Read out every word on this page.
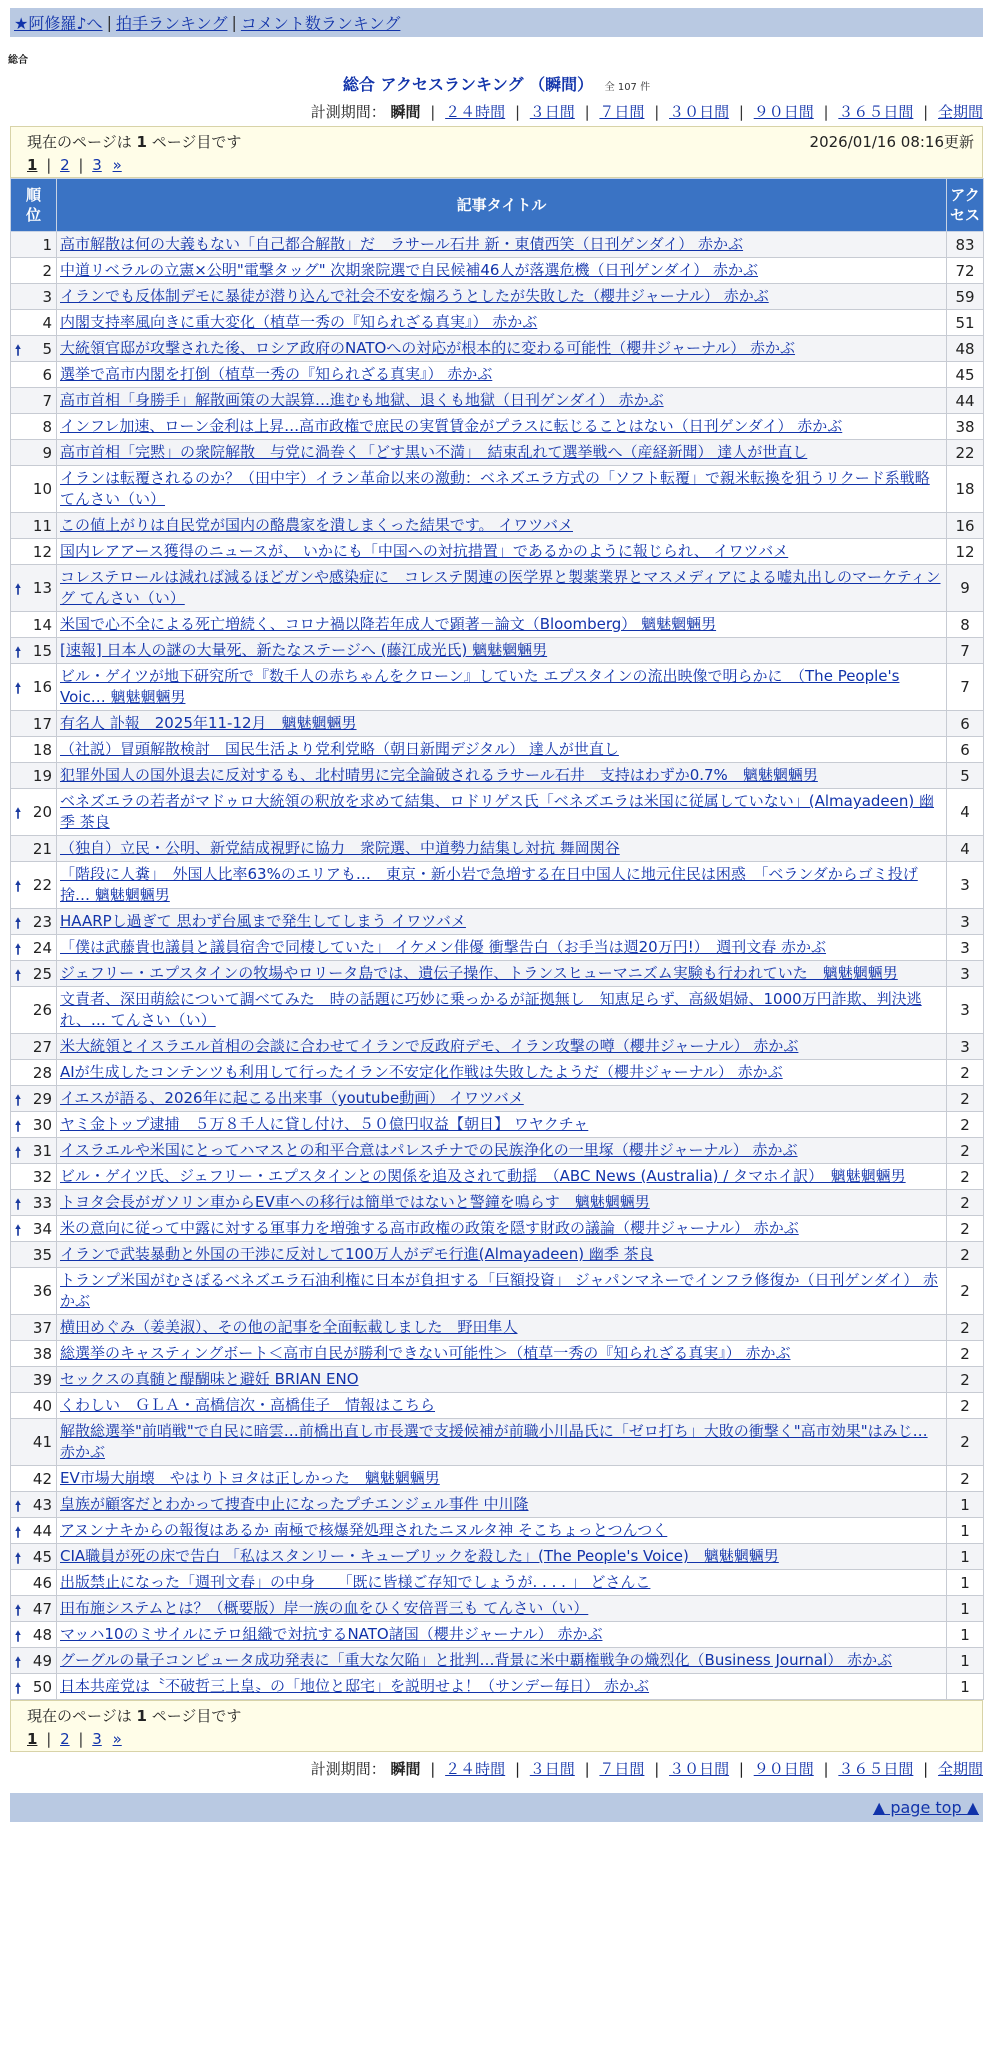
★阿修羅♪へ | 拍手ランキング | コメント数ランキング
総合
総合 アクセスランキング （瞬間） 全 107 件
計測期間： 瞬間 | ２４時間 | ３日間 | ７日間 | ３０日間 | ９０日間 | ３６５日間 | 全期間
現在のページは 1 ページ目です	2026/01/16 08:16更新
1 | 2 | 3 »
順位	記事タイトル	アクセス
1	高市解散は何の大義もない「自己都合解散」だ　ラサール石井 新・東債西笑（日刊ゲンダイ） 赤かぶ	83
2	中道リベラルの立憲×公明"電撃タッグ" 次期衆院選で自民候補46人が落選危機（日刊ゲンダイ） 赤かぶ	72
3	イランでも反体制デモに暴徒が潜り込んで社会不安を煽ろうとしたが失敗した（櫻井ジャーナル） 赤かぶ	59
4	内閣支持率風向きに重大変化（植草一秀の『知られざる真実』） 赤かぶ	51

🠕 5	大統領官邸が攻撃された後、ロシア政府のNATOへの対応が根本的に変わる可能性（櫻井ジャーナル） 赤かぶ	48
6	選挙で高市内閣を打倒（植草一秀の『知られざる真実』） 赤かぶ	45
7	高市首相「身勝手」解散画策の大誤算…進むも地獄、退くも地獄（日刊ゲンダイ） 赤かぶ	44
8	インフレ加速、ローン金利は上昇…高市政権で庶民の実質賃金がプラスに転じることはない（日刊ゲンダイ） 赤かぶ	38
9	高市首相「完黙」の衆院解散　与党に渦巻く「どす黒い不満」　結束乱れて選挙戦へ（産経新聞） 達人が世直し	22
10	イランは転覆されるのか？（田中宇）イラン革命以来の激動：ベネズエラ方式の「ソフト転覆」で親米転換を狙うリクード系戦略 てんさい（い）	18
11	この値上がりは自民党が国内の酪農家を潰しまくった結果です。 イワツバメ	16
12	国内レアアース獲得のニュースが、 いかにも「中国への対抗措置」であるかのように報じられ、 イワツバメ	12

🠕 13	コレステロールは減れば減るほどガンや感染症に　コレステ関連の医学界と製薬業界とマスメディアによる嘘丸出しのマーケティング てんさい（い）	9
14	米国で心不全による死亡増続く、コロナ禍以降若年成人で顕著－論文（Bloomberg） 魑魅魍魎男	8

🠕 15	[速報] 日本人の謎の大量死、新たなステージへ (藤江成光氏) 魑魅魍魎男	7

🠕 16	ビル・ゲイツが地下研究所で『数千人の赤ちゃんをクローン』していた エプスタインの流出映像で明らかに　（The People's Voic… 魑魅魍魎男	7
17	有名人 訃報　2025年11-12月　魑魅魍魎男	6
18	（社説）冒頭解散検討　国民生活より党利党略（朝日新聞デジタル） 達人が世直し	6
19	犯罪外国人の国外退去に反対するも、北村晴男に完全論破されるラサール石井　支持はわずか0.7%　魑魅魍魎男	5

🠕 20	ベネズエラの若者がマドゥロ大統領の釈放を求めて結集、ロドリゲス氏「ベネズエラは米国に従属していない」(Almayadeen) 幽季 茶良	4
21	（独自）立民・公明、新党結成視野に協力　衆院選、中道勢力結集し対抗 舞岡関谷	4

🠕 22	「階段に人糞」　外国人比率63%のエリアも…　東京・新小岩で急増する在日中国人に地元住民は困惑　「ベランダからゴミ投げ捨… 魑魅魍魎男	3

🠕 23	HAARPし過ぎて 思わず台風まで発生してしまう イワツバメ	3

🠕 24	「僕は武藤貴也議員と議員宿舎で同棲していた」 イケメン俳優 衝撃告白（お手当は週20万円!）　週刊文春 赤かぶ	3

🠕 25	ジェフリー・エプスタインの牧場やロリータ島では、遺伝子操作、トランスヒューマニズム実験も行われていた　魑魅魍魎男	3
26	文責者、深田萌絵について調べてみた　時の話題に巧妙に乗っかるが証拠無し　知恵足らず、高級娼婦、1000万円詐欺、判決逃れ、… てんさい（い）	3
27	米大統領とイスラエル首相の会談に合わせてイランで反政府デモ、イラン攻撃の噂（櫻井ジャーナル） 赤かぶ	3
28	AIが生成したコンテンツも利用して行ったイラン不安定化作戦は失敗したようだ（櫻井ジャーナル） 赤かぶ	2

🠕 29	イエスが語る、2026年に起こる出来事（youtube動画） イワツバメ	2

🠕 30	ヤミ金トップ逮捕　５万８千人に貸し付け、５０億円収益【朝日】 ワヤクチャ	2

🠕 31	イスラエルや米国にとってハマスとの和平合意はパレスチナでの民族浄化の一里塚（櫻井ジャーナル） 赤かぶ	2
32	ビル・ゲイツ氏、ジェフリー・エプスタインとの関係を追及されて動揺　（ABC News (Australia) / タマホイ訳）　魑魅魍魎男	2

🠕 33	トヨタ会長がガソリン車からEV車への移行は簡単ではないと警鐘を鳴らす　魑魅魍魎男	2

🠕 34	米の意向に従って中露に対する軍事力を増強する高市政権の政策を隠す財政の議論（櫻井ジャーナル） 赤かぶ	2
35	イランで武装暴動と外国の干渉に反対して100万人がデモ行進(Almayadeen) 幽季 茶良	2
36	トランプ米国がむさぼるベネズエラ石油利権に日本が負担する「巨額投資」 ジャパンマネーでインフラ修復か（日刊ゲンダイ） 赤かぶ	2
37	横田めぐみ（姜美淑）、その他の記事を全面転載しました　野田隼人	2
38	総選挙のキャスティングボート＜高市自民が勝利できない可能性＞（植草一秀の『知られざる真実』） 赤かぶ	2
39	セックスの真髄と醍醐味と避妊 BRIAN ENO	2
40	くわしい　ＧＬＡ・高橋信次・高橋佳子　情報はこちら	2
41	解散総選挙"前哨戦"で自民に暗雲…前橋出直し市長選で支援候補が前職小川晶氏に「ゼロ打ち」大敗の衝撃く"高市効果"はみじ… 赤かぶ	2
42	EV市場大崩壊　やはりトヨタは正しかった　魑魅魍魎男	2

🠕 43	皇族が顧客だとわかって捜査中止になったプチエンジェル事件 中川隆	1

🠕 44	アヌンナキからの報復はあるか 南極で核爆発処理されたニヌルタ神 そこちょっとつんつく	1

🠕 45	CIA職員が死の床で告白 「私はスタンリー・キューブリックを殺した」(The People's Voice)　魑魅魍魎男	1
46	出版禁止になった「週刊文春」の中身　　「既に皆様ご存知でしょうが. . . . 」 どさんこ	1

🠕 47	田布施システムとは？（概要版）岸一族の血をひく安倍晋三も てんさい（い）	1

🠕 48	マッハ10のミサイルにテロ組織で対抗するNATO諸国（櫻井ジャーナル） 赤かぶ	1

🠕 49	グーグルの量子コンピュータ成功発表に「重大な欠陥」と批判…背景に米中覇権戦争の熾烈化（Business Journal） 赤かぶ	1

🠕 50	日本共産党は〝不破哲三上皇〟の「地位と邸宅」を説明せよ！（サンデー毎日） 赤かぶ	1
現在のページは 1 ページ目です
1 | 2 | 3 »
計測期間： 瞬間 | ２４時間 | ３日間 | ７日間 | ３０日間 | ９０日間 | ３６５日間 | 全期間
▲ page top ▲
